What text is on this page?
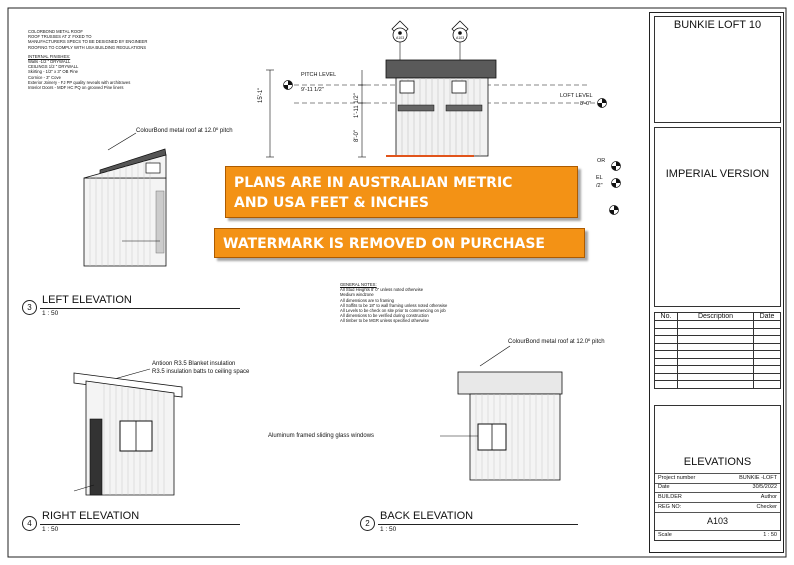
COLORBOND METAL ROOF
ROOF TRUSSES AT 2' FIXED TO
MANUFACTURERS SPECS TO BE DESIGNED BY ENGINEER
ROOFING TO COMPLY WITH USA BUILDING REGULATIONS
INTERNAL FINISHES:
Walls -1/2 " DRYWALL
CEILINGS 1/2 " DRYWALL
Skirting - 1/2" x 3" OB Pine
Cornice - 3" Cove
Exterior Joinery - FJ PP quality reveals with architraves
Interior Doors - MDF HC PQ on grooved Pine liners
15'-1"	1'-11 1/2"
8'-0"
PITCH LEVEL
9'-11 1/2"
LOFT LEVEL
8'-0"
A103	A103
OR
EL
/2"
ColourBond metal roof at 12.0º pitch
Antioon R3.5 Blanket insulation
R3.5 insulation batts to ceiling space
ColourBond metal roof at 12.0º pitch
Aluminum framed sliding glass windows
GENERAL NOTES:
All Stud Heights 8' 0" unless noted otherwise
Medium windzone
All dimensions are to framing
All Soffits to be 18" to wall framing unless noted otherwise
All Levels to be check on site prior to commencing on job
All dimensions to be verified during construction
All timber to be MGR unless specified otherwise
3
LEFT ELEVATION
1 : 50
4
RIGHT ELEVATION
1 : 50
2
BACK ELEVATION
1 : 50
PLANS ARE IN AUSTRALIAN METRIC
AND USA FEET & INCHES
WATERMARK IS REMOVED ON PURCHASE
BUNKIE LOFT 10
IMPERIAL VERSION
No.	Description	Date

ELEVATIONS
Project number	BUNKIE -LOFT
Date	30/5/2022
BUILDER	Author
REG NO:	Checker
A103
Scale	1 : 50
